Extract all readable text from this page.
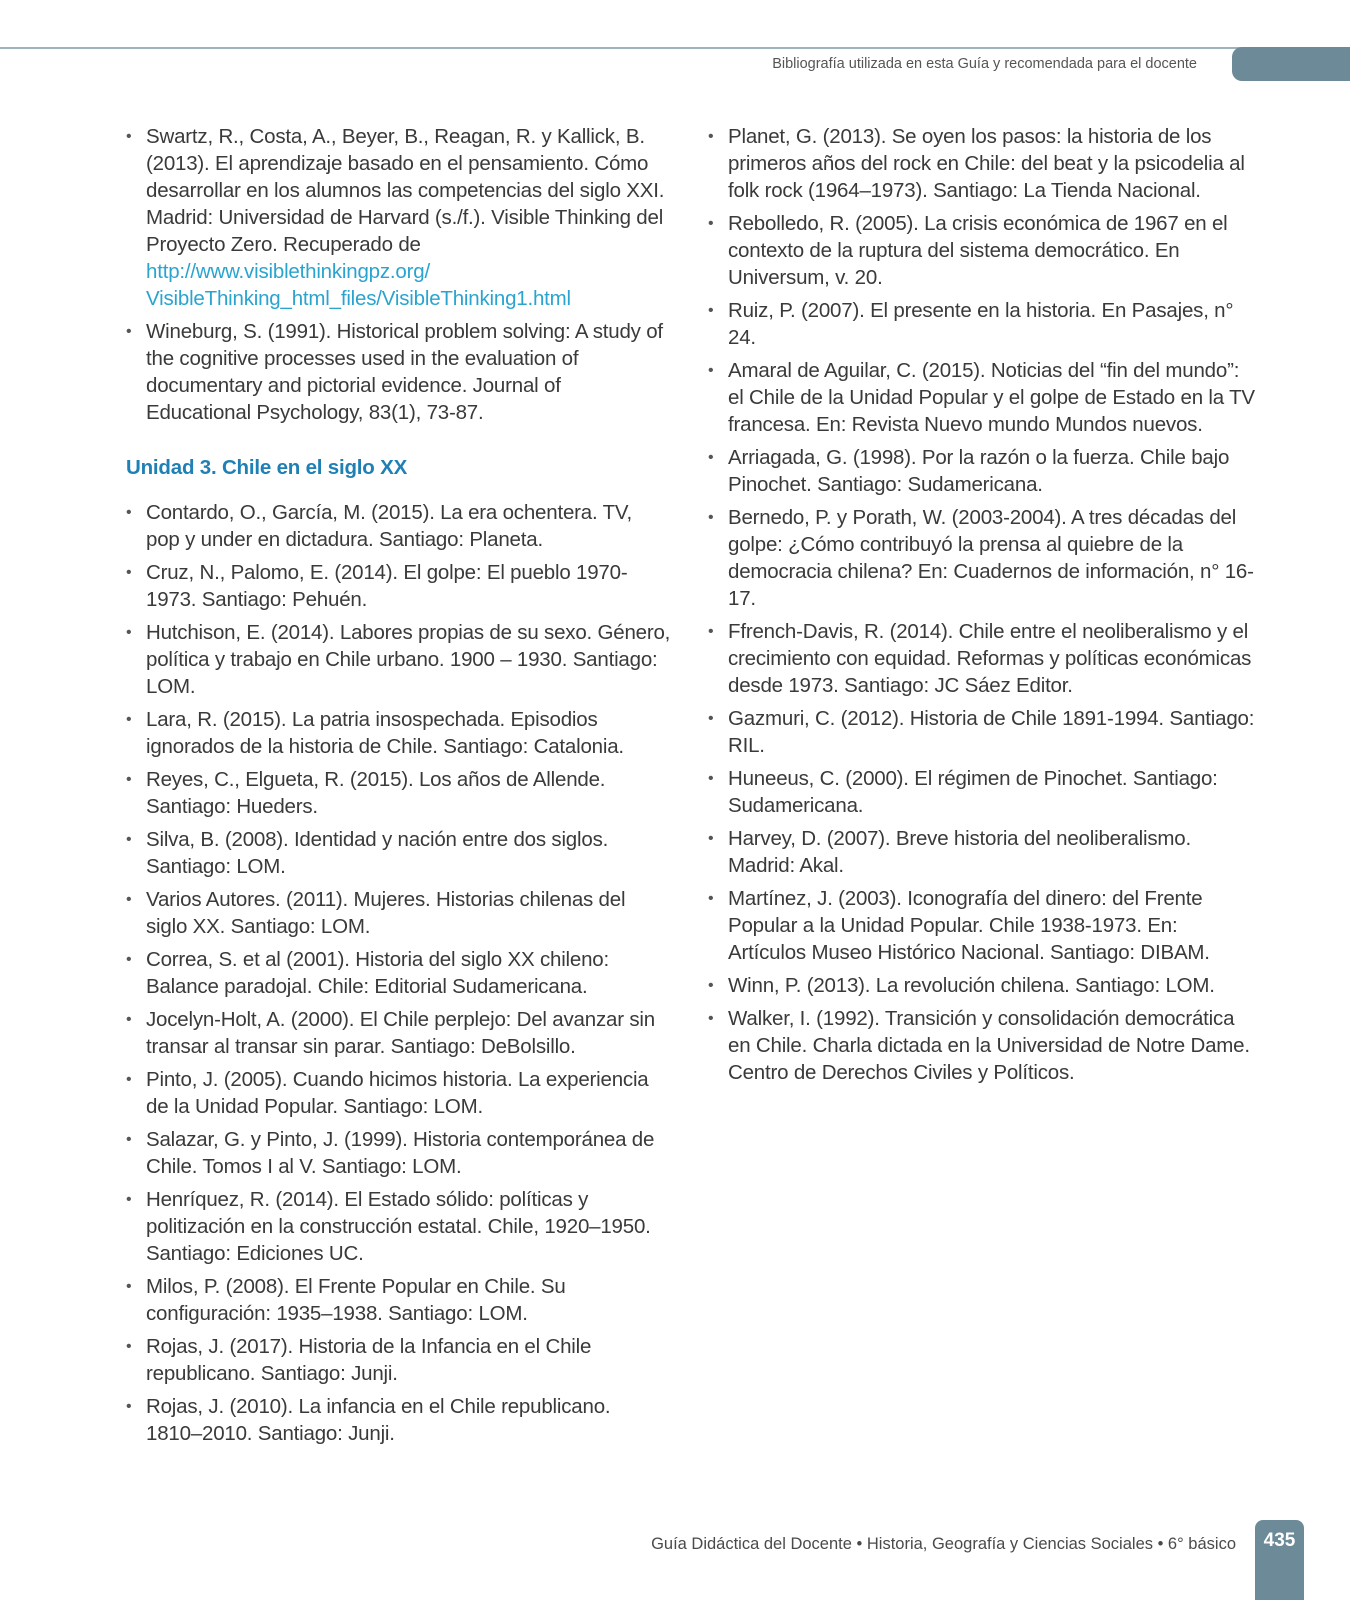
Bibliografía utilizada en esta Guía y recomendada para el docente
• Swartz, R., Costa, A., Beyer, B., Reagan, R. y Kallick, B. (2013). El aprendizaje basado en el pensamiento. Cómo desarrollar en los alumnos las competencias del siglo XXI. Madrid: Universidad de Harvard (s./f.). Visible Thinking del Proyecto Zero. Recuperado de http://www.visiblethinkingpz.org/ VisibleThinking_html_files/VisibleThinking1.html
• Wineburg, S. (1991). Historical problem solving: A study of the cognitive processes used in the evaluation of documentary and pictorial evidence. Journal of Educational Psychology, 83(1), 73-87.
Unidad 3. Chile en el siglo XX
• Contardo, O., García, M. (2015). La era ochentera. TV, pop y under en dictadura. Santiago: Planeta.
• Cruz, N., Palomo, E. (2014). El golpe: El pueblo 1970-1973. Santiago: Pehuén.
• Hutchison, E. (2014). Labores propias de su sexo. Género, política y trabajo en Chile urbano. 1900 – 1930. Santiago: LOM.
• Lara, R. (2015). La patria insospechada. Episodios ignorados de la historia de Chile. Santiago: Catalonia.
• Reyes, C., Elgueta, R. (2015). Los años de Allende. Santiago: Hueders.
• Silva, B. (2008). Identidad y nación entre dos siglos. Santiago: LOM.
• Varios Autores. (2011). Mujeres. Historias chilenas del siglo XX. Santiago: LOM.
• Correa, S. et al (2001). Historia del siglo XX chileno: Balance paradojal. Chile: Editorial Sudamericana.
• Jocelyn-Holt, A. (2000). El Chile perplejo: Del avanzar sin transar al transar sin parar. Santiago: DeBolsillo.
• Pinto, J. (2005). Cuando hicimos historia. La experiencia de la Unidad Popular. Santiago: LOM.
• Salazar, G. y Pinto, J. (1999). Historia contemporánea de Chile. Tomos I al V. Santiago: LOM.
• Henríquez, R. (2014). El Estado sólido: políticas y politización en la construcción estatal. Chile, 1920–1950. Santiago: Ediciones UC.
• Milos, P. (2008). El Frente Popular en Chile. Su configuración: 1935–1938. Santiago: LOM.
• Rojas, J. (2017). Historia de la Infancia en el Chile republicano. Santiago: Junji.
• Rojas, J. (2010). La infancia en el Chile republicano. 1810–2010. Santiago: Junji.
• Planet, G. (2013). Se oyen los pasos: la historia de los primeros años del rock en Chile: del beat y la psicodelia al folk rock (1964–1973). Santiago: La Tienda Nacional.
• Rebolledo, R. (2005). La crisis económica de 1967 en el contexto de la ruptura del sistema democrático. En Universum, v. 20.
• Ruiz, P. (2007). El presente en la historia. En Pasajes, n° 24.
• Amaral de Aguilar, C. (2015). Noticias del “fin del mundo”: el Chile de la Unidad Popular y el golpe de Estado en la TV francesa. En: Revista Nuevo mundo Mundos nuevos.
• Arriagada, G. (1998). Por la razón o la fuerza. Chile bajo Pinochet. Santiago: Sudamericana.
• Bernedo, P. y Porath, W. (2003-2004). A tres décadas del golpe: ¿Cómo contribuyó la prensa al quiebre de la democracia chilena? En: Cuadernos de información, n° 16-17.
• Ffrench-Davis, R. (2014). Chile entre el neoliberalismo y el crecimiento con equidad. Reformas y políticas económicas desde 1973. Santiago: JC Sáez Editor.
• Gazmuri, C. (2012). Historia de Chile 1891-1994. Santiago: RIL.
• Huneeus, C. (2000). El régimen de Pinochet. Santiago: Sudamericana.
• Harvey, D. (2007). Breve historia del neoliberalismo. Madrid: Akal.
• Martínez, J. (2003). Iconografía del dinero: del Frente Popular a la Unidad Popular. Chile 1938-1973. En: Artículos Museo Histórico Nacional. Santiago: DIBAM.
• Winn, P. (2013). La revolución chilena. Santiago: LOM.
• Walker, I. (1992). Transición y consolidación democrática en Chile. Charla dictada en la Universidad de Notre Dame. Centro de Derechos Civiles y Políticos.
Guía Didáctica del Docente • Historia, Geografía y Ciencias Sociales • 6° básico	435
